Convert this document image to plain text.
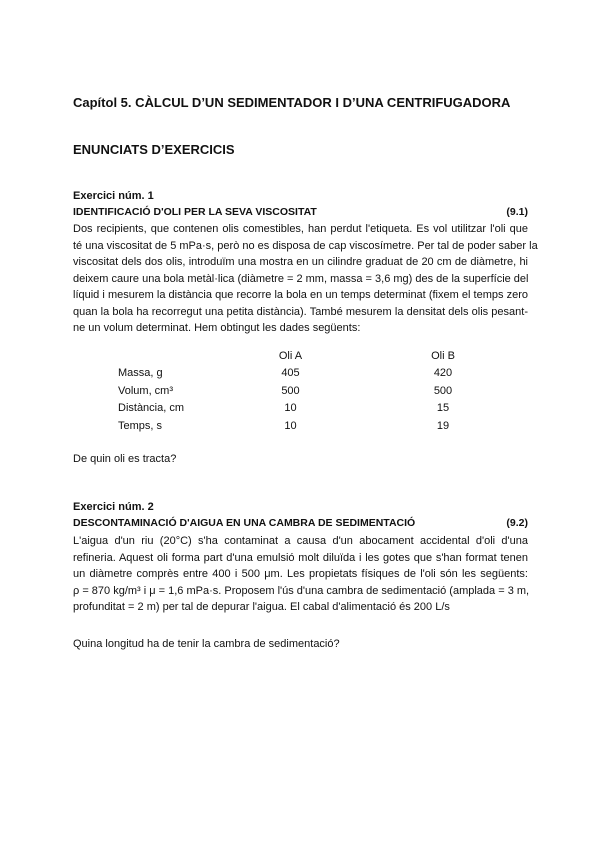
Capítol 5. CÀLCUL D’UN SEDIMENTADOR I D’UNA CENTRIFUGADORA
ENUNCIATS D’EXERCICIS
Exercici núm. 1
IDENTIFICACIÓ D'OLI PER LA SEVA VISCOSITAT	(9.1)
Dos recipients, que contenen olis comestibles, han perdut l'etiqueta. Es vol utilitzar l'oli que
té una viscositat de 5 mPa·s, però no es disposa de cap viscosímetre. Per tal de poder saber la
viscositat dels dos olis, introduïm una mostra en un cilindre graduat de 20 cm de diàmetre, hi
deixem caure una bola metàl·lica (diàmetre = 2 mm, massa = 3,6 mg) des de la superfície del
líquid i mesurem la distància que recorre la bola en un temps determinat (fixem el temps zero
quan la bola ha recorregut una petita distància). També mesurem la densitat dels olis pesant-
ne un volum determinat. Hem obtingut les dades següents:
	Oli A	Oli B
Massa, g	405	420
Volum, cm³	500	500
Distància, cm	10	15
Temps, s	10	19
De quin oli es tracta?
Exercici núm. 2
DESCONTAMINACIÓ D'AIGUA EN UNA CAMBRA DE SEDIMENTACIÓ	(9.2)
L'aigua d'un riu (20°C) s'ha contaminat a causa d'un abocament accidental d'oli d'una
refineria. Aquest oli forma part d'una emulsió molt diluïda i les gotes que s'han format tenen
un diàmetre comprès entre 400 i 500 μm. Les propietats físiques de l'oli són les següents:
ρ = 870 kg/m³ i μ = 1,6 mPa·s. Proposem l'ús d'una cambra de sedimentació (amplada = 3 m,
profunditat = 2 m) per tal de depurar l'aigua. El cabal d'alimentació és 200 L/s
Quina longitud ha de tenir la cambra de sedimentació?
